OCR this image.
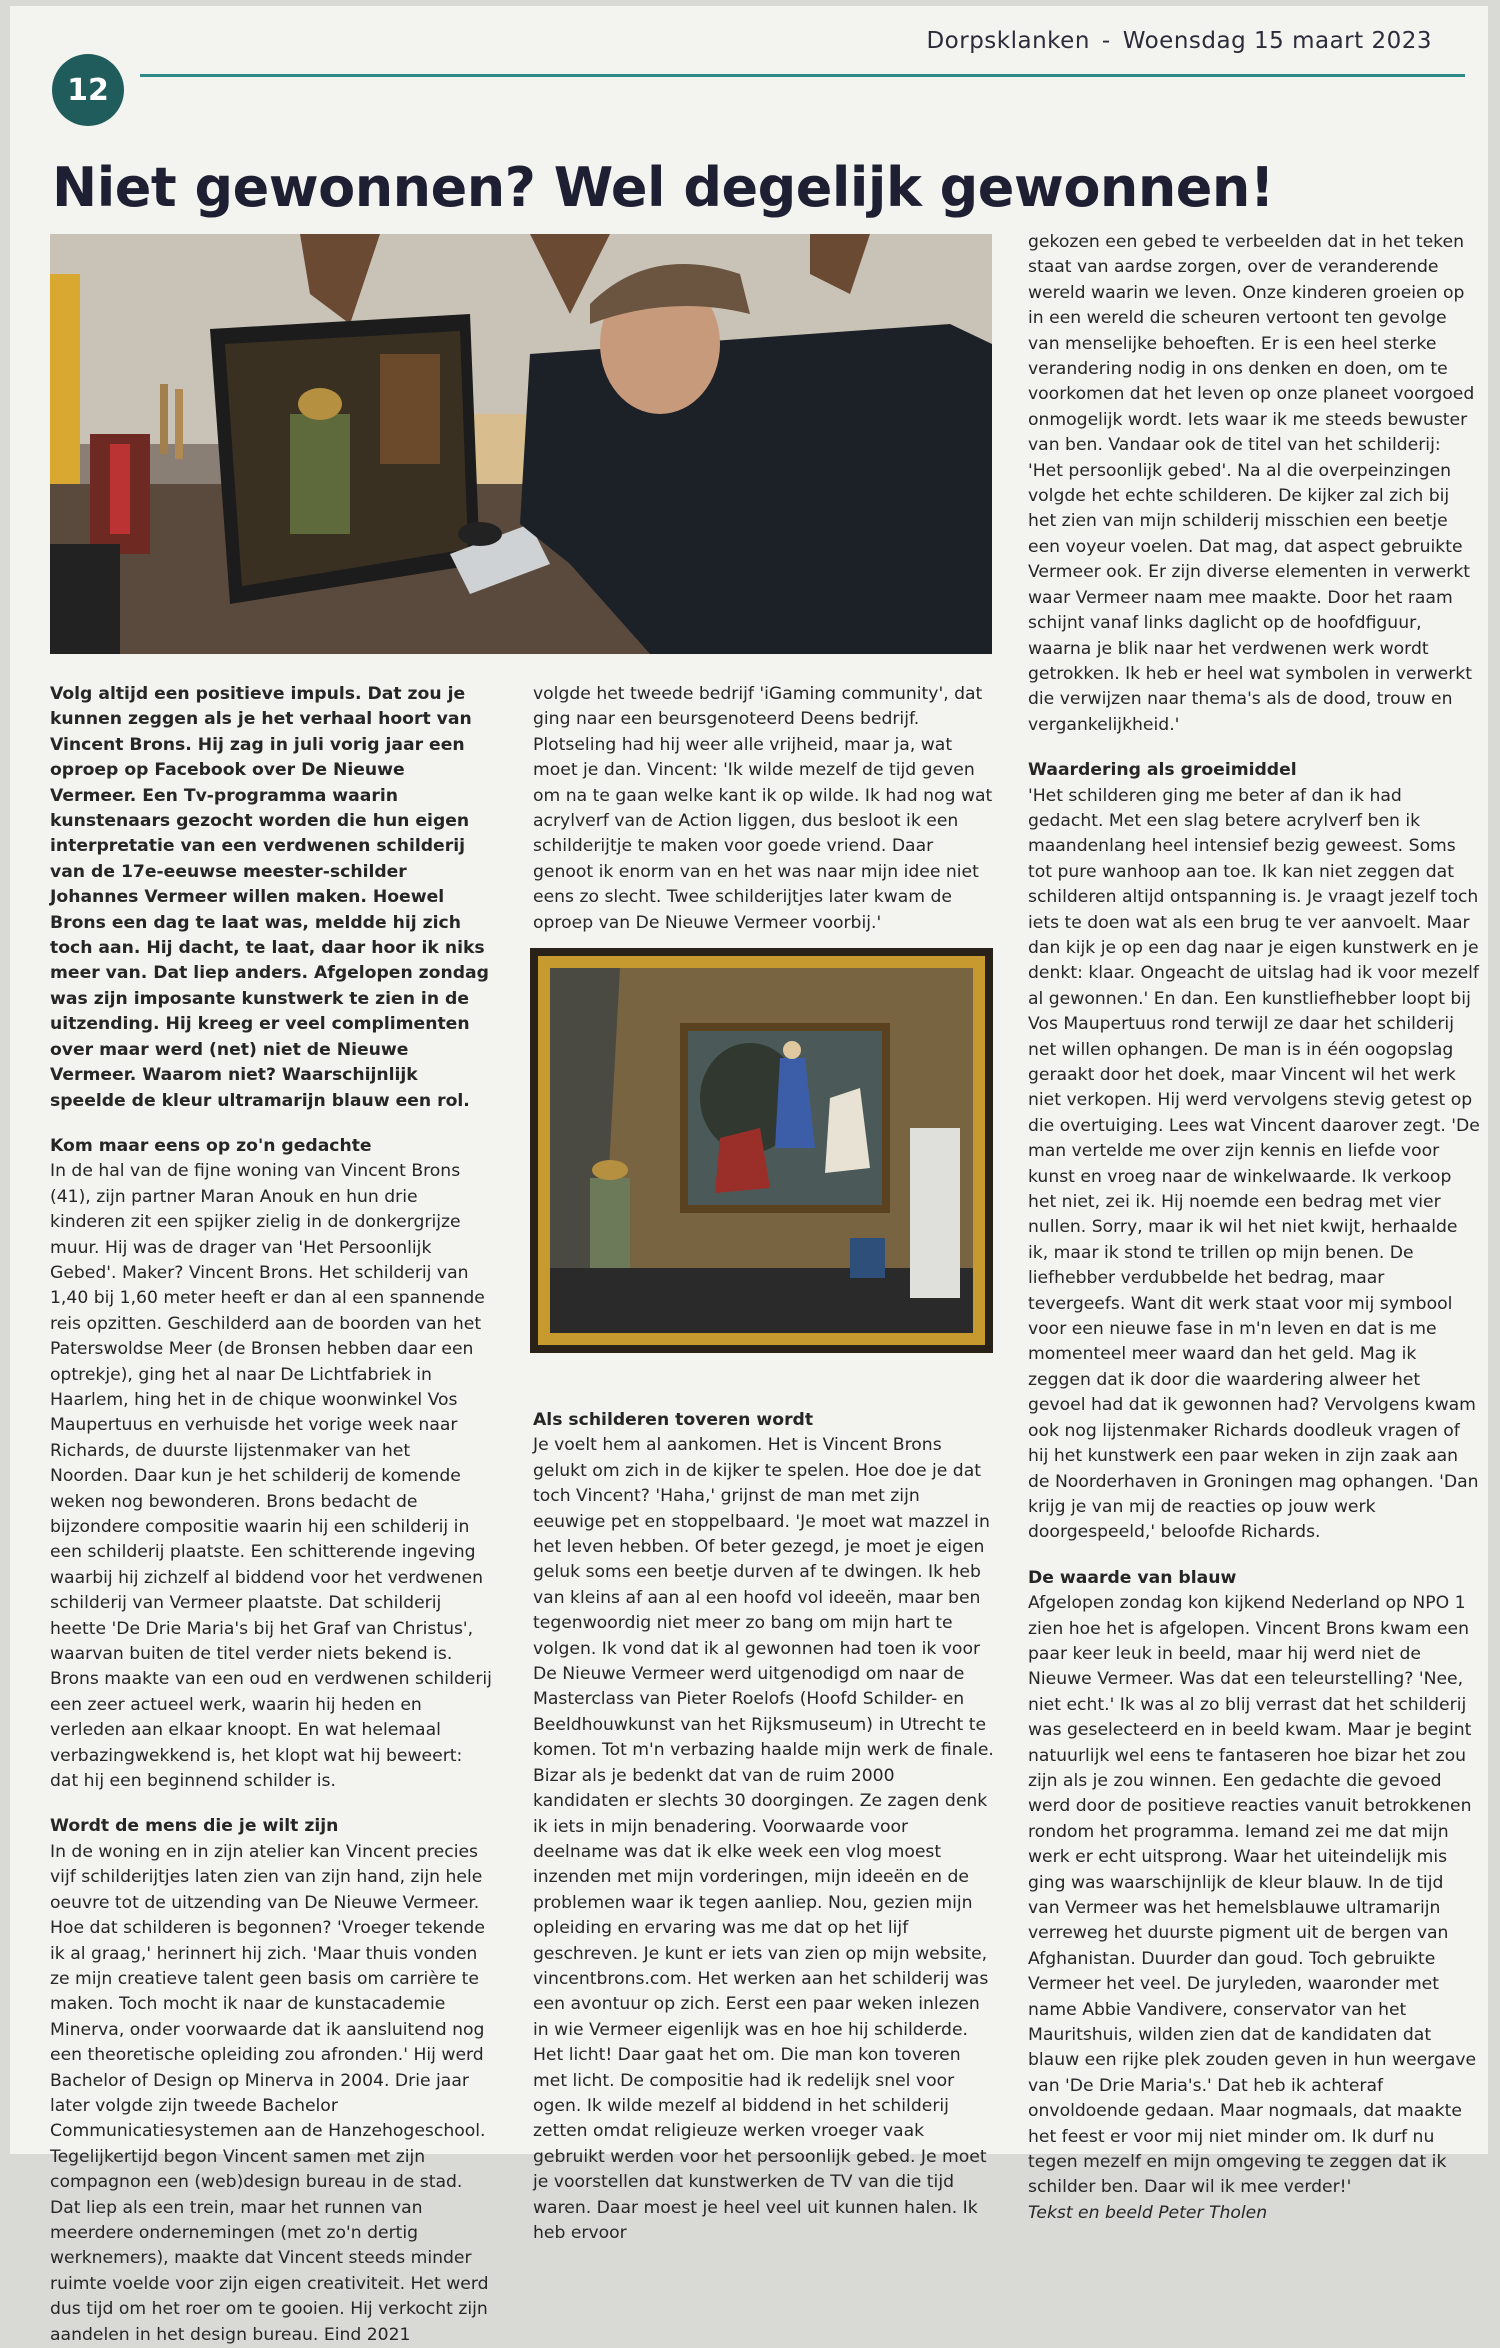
Dorpsklanken - Woensdag 15 maart 2023
12
Niet gewonnen? Wel degelijk gewonnen!

Volg altijd een positieve impuls. Dat zou je kunnen zeggen als je het verhaal hoort van Vincent Brons. Hij zag in juli vorig jaar een oproep op Facebook over De Nieuwe Vermeer. Een Tv-programma waarin kunstenaars gezocht worden die hun eigen interpretatie van een verdwenen schilderij van de 17e-eeuwse meester-schilder Johannes Vermeer willen maken. Hoewel Brons een dag te laat was, meldde hij zich toch aan. Hij dacht, te laat, daar hoor ik niks meer van. Dat liep anders. Afgelopen zondag was zijn imposante kunstwerk te zien in de uitzending. Hij kreeg er veel complimenten over maar werd (net) niet de Nieuwe Vermeer. Waarom niet? Waarschijnlijk speelde de kleur ultramarijn blauw een rol.

Kom maar eens op zo'n gedachte

In de hal van de fijne woning van Vincent Brons (41), zijn partner Maran Anouk en hun drie kinderen zit een spijker zielig in de donkergrijze muur. Hij was de drager van 'Het Persoonlijk Gebed'. Maker? Vincent Brons. Het schilderij van 1,40 bij 1,60 meter heeft er dan al een spannende reis opzitten. Geschilderd aan de boorden van het Paterswoldse Meer (de Bronsen hebben daar een optrekje), ging het al naar De Lichtfabriek in Haarlem, hing het in de chique woonwinkel Vos Maupertuus en verhuisde het vorige week naar Richards, de duurste lijstenmaker van het Noorden. Daar kun je het schilderij de komende weken nog bewonderen. Brons bedacht de bijzondere compositie waarin hij een schilderij in een schilderij plaatste. Een schitterende ingeving waarbij hij zichzelf al biddend voor het verdwenen schilderij van Vermeer plaatste. Dat schilderij heette 'De Drie Maria's bij het Graf van Christus', waarvan buiten de titel verder niets bekend is. Brons maakte van een oud en verdwenen schilderij een zeer actueel werk, waarin hij heden en verleden aan elkaar knoopt. En wat helemaal verbazingwekkend is, het klopt wat hij beweert: dat hij een beginnend schilder is.

Wordt de mens die je wilt zijn

In de woning en in zijn atelier kan Vincent precies vijf schilderijtjes laten zien van zijn hand, zijn hele oeuvre tot de uitzending van De Nieuwe Vermeer. Hoe dat schilderen is begonnen? 'Vroeger tekende ik al graag,' herinnert hij zich. 'Maar thuis vonden ze mijn creatieve talent geen basis om carrière te maken. Toch mocht ik naar de kunstacademie Minerva, onder voorwaarde dat ik aansluitend nog een theoretische opleiding zou afronden.' Hij werd Bachelor of Design op Minerva in 2004. Drie jaar later volgde zijn tweede Bachelor Communicatiesystemen aan de Hanzehogeschool. Tegelijkertijd begon Vincent samen met zijn compagnon een (web)design bureau in de stad. Dat liep als een trein, maar het runnen van meerdere ondernemingen (met zo'n dertig werknemers), maakte dat Vincent steeds minder ruimte voelde voor zijn eigen creativiteit. Het werd dus tijd om het roer om te gooien. Hij verkocht zijn aandelen in het design bureau. Eind 2021

volgde het tweede bedrijf 'iGaming community', dat ging naar een beursgenoteerd Deens bedrijf. Plotseling had hij weer alle vrijheid, maar ja, wat moet je dan. Vincent: 'Ik wilde mezelf de tijd geven om na te gaan welke kant ik op wilde. Ik had nog wat acrylverf van de Action liggen, dus besloot ik een schilderijtje te maken voor goede vriend. Daar genoot ik enorm van en het was naar mijn idee niet eens zo slecht. Twee schilderijtjes later kwam de oproep van De Nieuwe Vermeer voorbij.'

Als schilderen toveren wordt

Je voelt hem al aankomen. Het is Vincent Brons gelukt om zich in de kijker te spelen. Hoe doe je dat toch Vincent? 'Haha,' grijnst de man met zijn eeuwige pet en stoppelbaard. 'Je moet wat mazzel in het leven hebben. Of beter gezegd, je moet je eigen geluk soms een beetje durven af te dwingen. Ik heb van kleins af aan al een hoofd vol ideeën, maar ben tegenwoordig niet meer zo bang om mijn hart te volgen. Ik vond dat ik al gewonnen had toen ik voor De Nieuwe Vermeer werd uitgenodigd om naar de Masterclass van Pieter Roelofs (Hoofd Schilder- en Beeldhouwkunst van het Rijksmuseum) in Utrecht te komen. Tot m'n verbazing haalde mijn werk de finale. Bizar als je bedenkt dat van de ruim 2000 kandidaten er slechts 30 doorgingen. Ze zagen denk ik iets in mijn benadering. Voorwaarde voor deelname was dat ik elke week een vlog moest inzenden met mijn vorderingen, mijn ideeën en de problemen waar ik tegen aanliep. Nou, gezien mijn opleiding en ervaring was me dat op het lijf geschreven. Je kunt er iets van zien op mijn website, vincentbrons.com. Het werken aan het schilderij was een avontuur op zich. Eerst een paar weken inlezen in wie Vermeer eigenlijk was en hoe hij schilderde. Het licht! Daar gaat het om. Die man kon toveren met licht. De compositie had ik redelijk snel voor ogen. Ik wilde mezelf al biddend in het schilderij zetten omdat religieuze werken vroeger vaak gebruikt werden voor het persoonlijk gebed. Je moet je voorstellen dat kunstwerken de TV van die tijd waren. Daar moest je heel veel uit kunnen halen. Ik heb ervoor

gekozen een gebed te verbeelden dat in het teken staat van aardse zorgen, over de veranderende wereld waarin we leven. Onze kinderen groeien op in een wereld die scheuren vertoont ten gevolge van menselijke behoeften. Er is een heel sterke verandering nodig in ons denken en doen, om te voorkomen dat het leven op onze planeet voorgoed onmogelijk wordt. Iets waar ik me steeds bewuster van ben. Vandaar ook de titel van het schilderij: 'Het persoonlijk gebed'. Na al die overpeinzingen volgde het echte schilderen. De kijker zal zich bij het zien van mijn schilderij misschien een beetje een voyeur voelen. Dat mag, dat aspect gebruikte Vermeer ook. Er zijn diverse elementen in verwerkt waar Vermeer naam mee maakte. Door het raam schijnt vanaf links daglicht op de hoofdfiguur, waarna je blik naar het verdwenen werk wordt getrokken. Ik heb er heel wat symbolen in verwerkt die verwijzen naar thema's als de dood, trouw en vergankelijkheid.'

Waardering als groeimiddel

'Het schilderen ging me beter af dan ik had gedacht. Met een slag betere acrylverf ben ik maandenlang heel intensief bezig geweest. Soms tot pure wanhoop aan toe. Ik kan niet zeggen dat schilderen altijd ontspanning is. Je vraagt jezelf toch iets te doen wat als een brug te ver aanvoelt. Maar dan kijk je op een dag naar je eigen kunstwerk en je denkt: klaar. Ongeacht de uitslag had ik voor mezelf al gewonnen.' En dan. Een kunstliefhebber loopt bij Vos Maupertuus rond terwijl ze daar het schilderij net willen ophangen. De man is in één oogopslag geraakt door het doek, maar Vincent wil het werk niet verkopen. Hij werd vervolgens stevig getest op die overtuiging. Lees wat Vincent daarover zegt. 'De man vertelde me over zijn kennis en liefde voor kunst en vroeg naar de winkelwaarde. Ik verkoop het niet, zei ik. Hij noemde een bedrag met vier nullen. Sorry, maar ik wil het niet kwijt, herhaalde ik, maar ik stond te trillen op mijn benen. De liefhebber verdubbelde het bedrag, maar tevergeefs. Want dit werk staat voor mij symbool voor een nieuwe fase in m'n leven en dat is me momenteel meer waard dan het geld. Mag ik zeggen dat ik door die waardering alweer het gevoel had dat ik gewonnen had? Vervolgens kwam ook nog lijstenmaker Richards doodleuk vragen of hij het kunstwerk een paar weken in zijn zaak aan de Noorderhaven in Groningen mag ophangen. 'Dan krijg je van mij de reacties op jouw werk doorgespeeld,' beloofde Richards.

De waarde van blauw

Afgelopen zondag kon kijkend Nederland op NPO 1 zien hoe het is afgelopen. Vincent Brons kwam een paar keer leuk in beeld, maar hij werd niet de Nieuwe Vermeer. Was dat een teleurstelling? 'Nee, niet echt.' Ik was al zo blij verrast dat het schilderij was geselecteerd en in beeld kwam. Maar je begint natuurlijk wel eens te fantaseren hoe bizar het zou zijn als je zou winnen. Een gedachte die gevoed werd door de positieve reacties vanuit betrokkenen rondom het programma. Iemand zei me dat mijn werk er echt uitsprong. Waar het uiteindelijk mis ging was waarschijnlijk de kleur blauw. In de tijd van Vermeer was het hemelsblauwe ultramarijn verreweg het duurste pigment uit de bergen van Afghanistan. Duurder dan goud. Toch gebruikte Vermeer het veel. De juryleden, waaronder met name Abbie Vandivere, conservator van het Mauritshuis, wilden zien dat de kandidaten dat blauw een rijke plek zouden geven in hun weergave van 'De Drie Maria's.' Dat heb ik achteraf onvoldoende gedaan. Maar nogmaals, dat maakte het feest er voor mij niet minder om. Ik durf nu tegen mezelf en mijn omgeving te zeggen dat ik schilder ben. Daar wil ik mee verder!'

Tekst en beeld Peter Tholen
